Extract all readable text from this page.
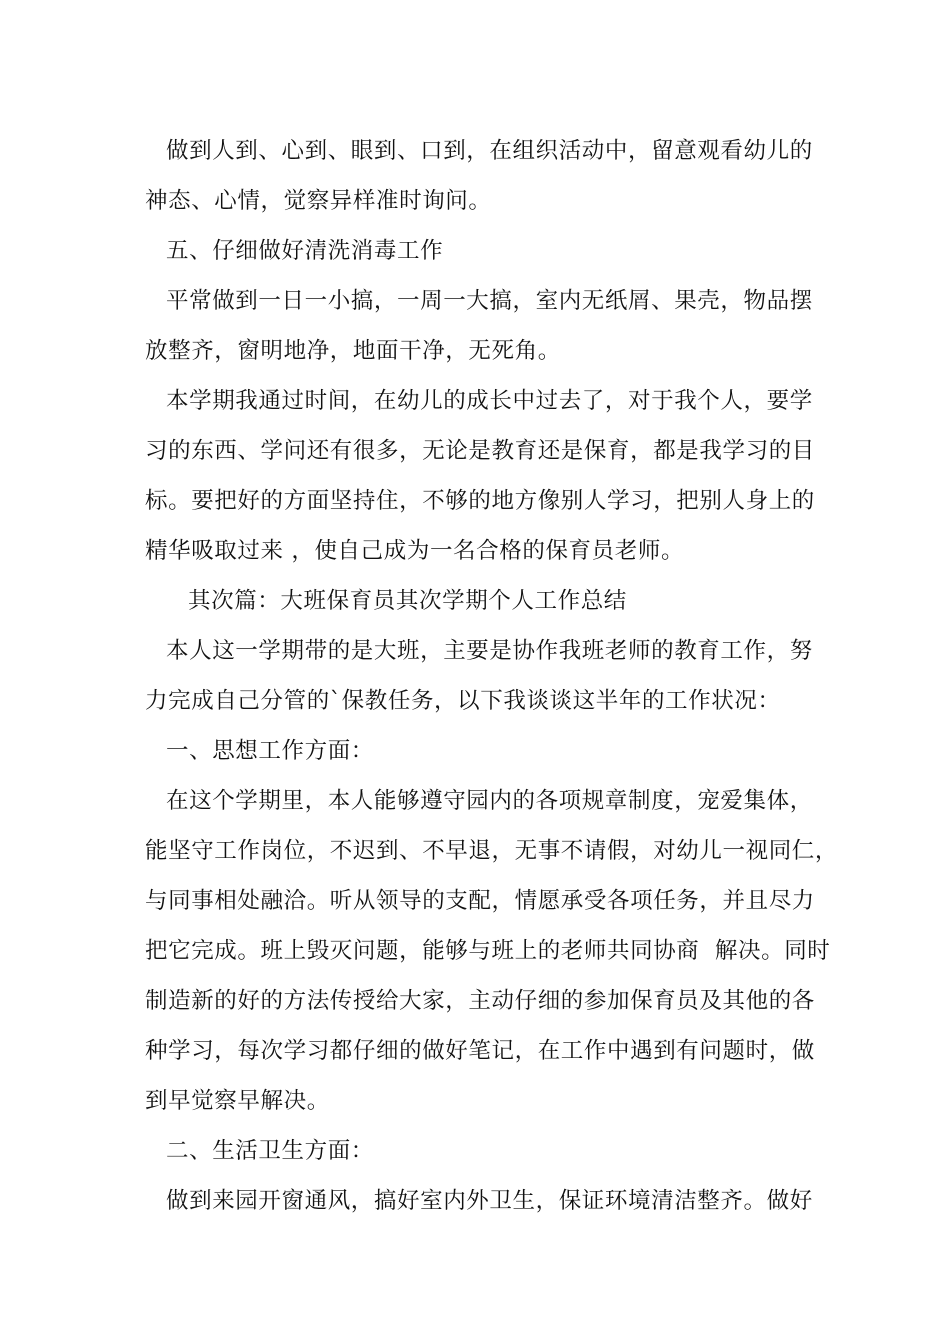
做到人到、心到、眼到、口到，在组织活动中，留意观看幼儿的
神态、心情，觉察异样准时询问。
五、仔细做好清洗消毒工作
平常做到一日一小搞，一周一大搞，室内无纸屑、果壳，物品摆
放整齐，窗明地净，地面干净，无死角。
本学期我通过时间，在幼儿的成长中过去了，对于我个人，要学
习的东西、学问还有很多，无论是教育还是保育，都是我学习的目
标。要把好的方面坚持住，不够的地方像别人学习，把别人身上的
精华吸取过来 ，使自己成为一名合格的保育员老师。
其次篇：大班保育员其次学期个人工作总结
本人这一学期带的是大班，主要是协作我班老师的教育工作，努
力完成自己分管的`保教任务，以下我谈谈这半年的工作状况：
一、思想工作方面：
在这个学期里，本人能够遵守园内的各项规章制度，宠爱集体，
能坚守工作岗位，不迟到、不早退，无事不请假，对幼儿一视同仁，
与同事相处融洽。听从领导的支配，情愿承受各项任务，并且尽力
把它完成。班上毁灭问题，能够与班上的老师共同协商  解决。同时
制造新的好的方法传授给大家，主动仔细的参加保育员及其他的各
种学习，每次学习都仔细的做好笔记，在工作中遇到有问题时，做
到早觉察早解决。
二、生活卫生方面：
做到来园开窗通风，搞好室内外卫生，保证环境清洁整齐。做好
